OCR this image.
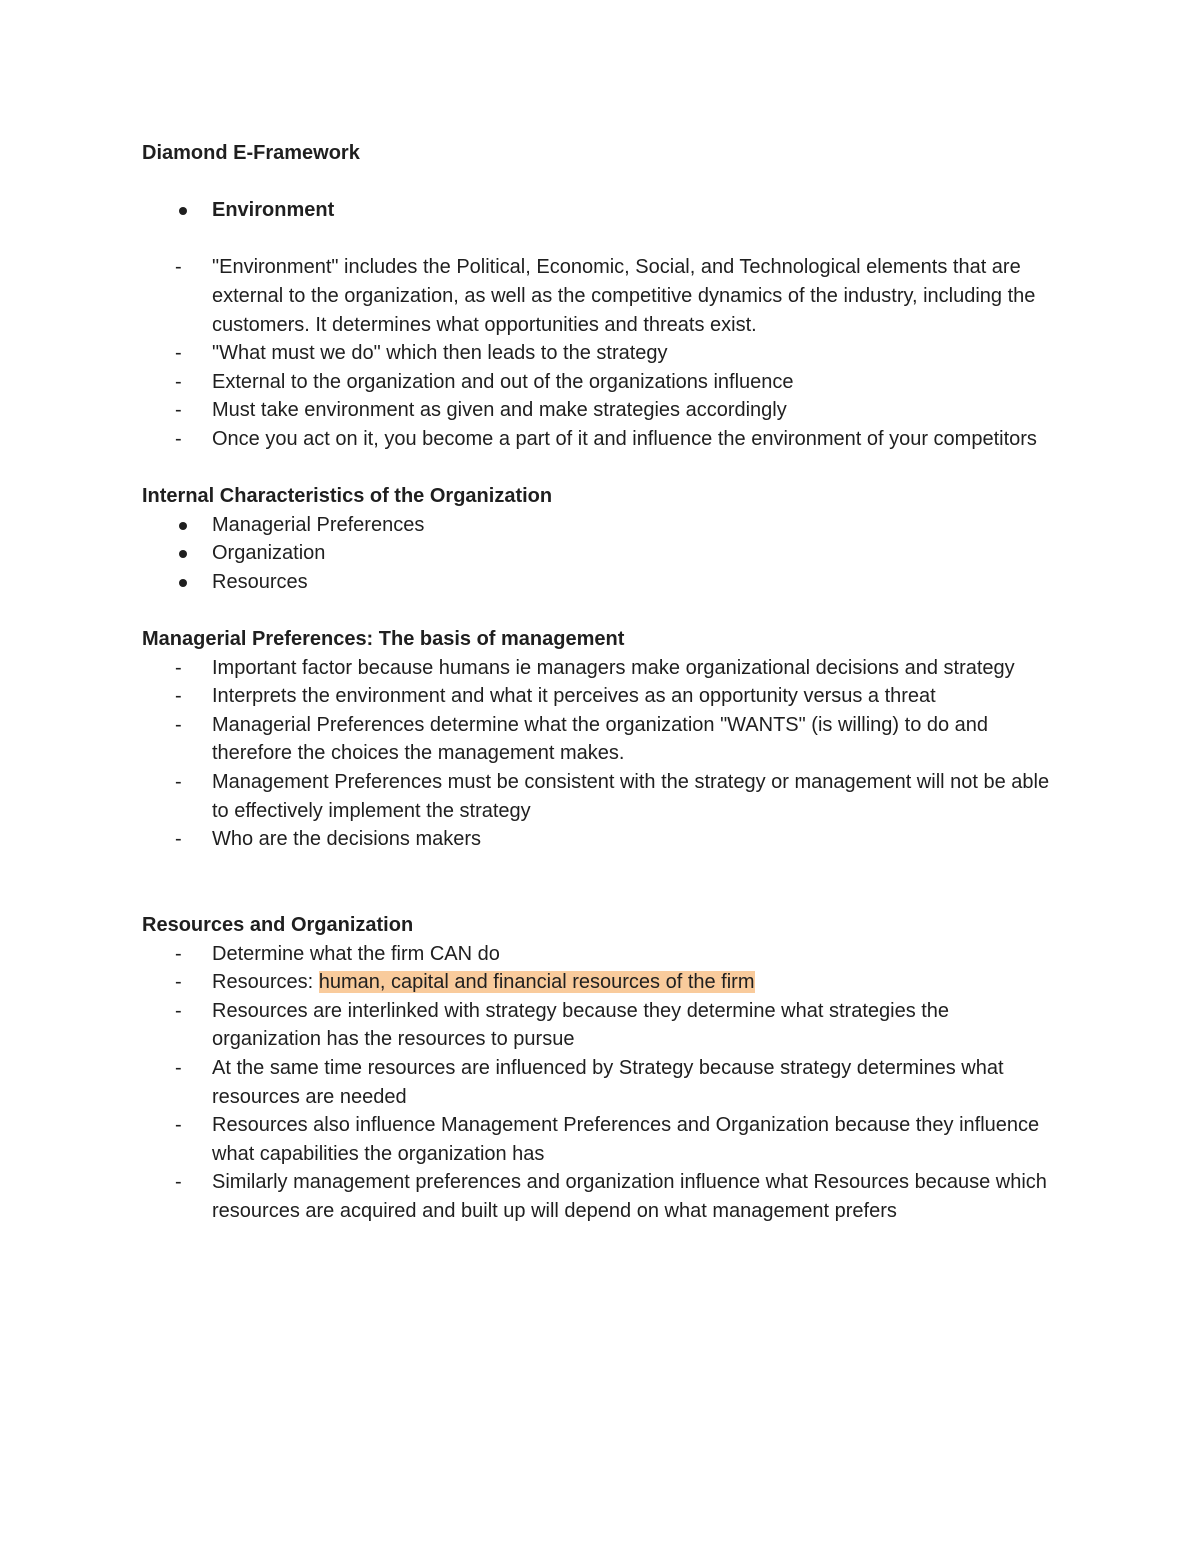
Diamond E-Framework

Environment
- "Environment" includes the Political, Economic, Social, and Technological elements that are external to the organization, as well as the competitive dynamics of the industry, including the customers. It determines what opportunities and threats exist.
- "What must we do" which then leads to the strategy
- External to the organization and out of the organizations influence
- Must take environment as given and make strategies accordingly
- Once you act on it, you become a part of it and influence the environment of your competitors

Internal Characteristics of the Organization

Managerial Preferences
Organization
Resources

Managerial Preferences: The basis of management

- Important factor because humans ie managers make organizational decisions and strategy
- Interprets the environment and what it perceives as an opportunity versus a threat
- Managerial Preferences determine what the organization "WANTS" (is willing) to do and therefore the choices the management makes.
- Management Preferences must be consistent with the strategy or management will not be able to effectively implement the strategy
- Who are the decisions makers

Resources and Organization

- Determine what the firm CAN do
- Resources: human, capital and financial resources of the firm
- Resources are interlinked with strategy because they determine what strategies the organization has the resources to pursue
- At the same time resources are influenced by Strategy because strategy determines what resources are needed
- Resources also influence Management Preferences and Organization because they influence what capabilities the organization has
- Similarly management preferences and organization influence what Resources because which resources are acquired and built up will depend on what management prefers
